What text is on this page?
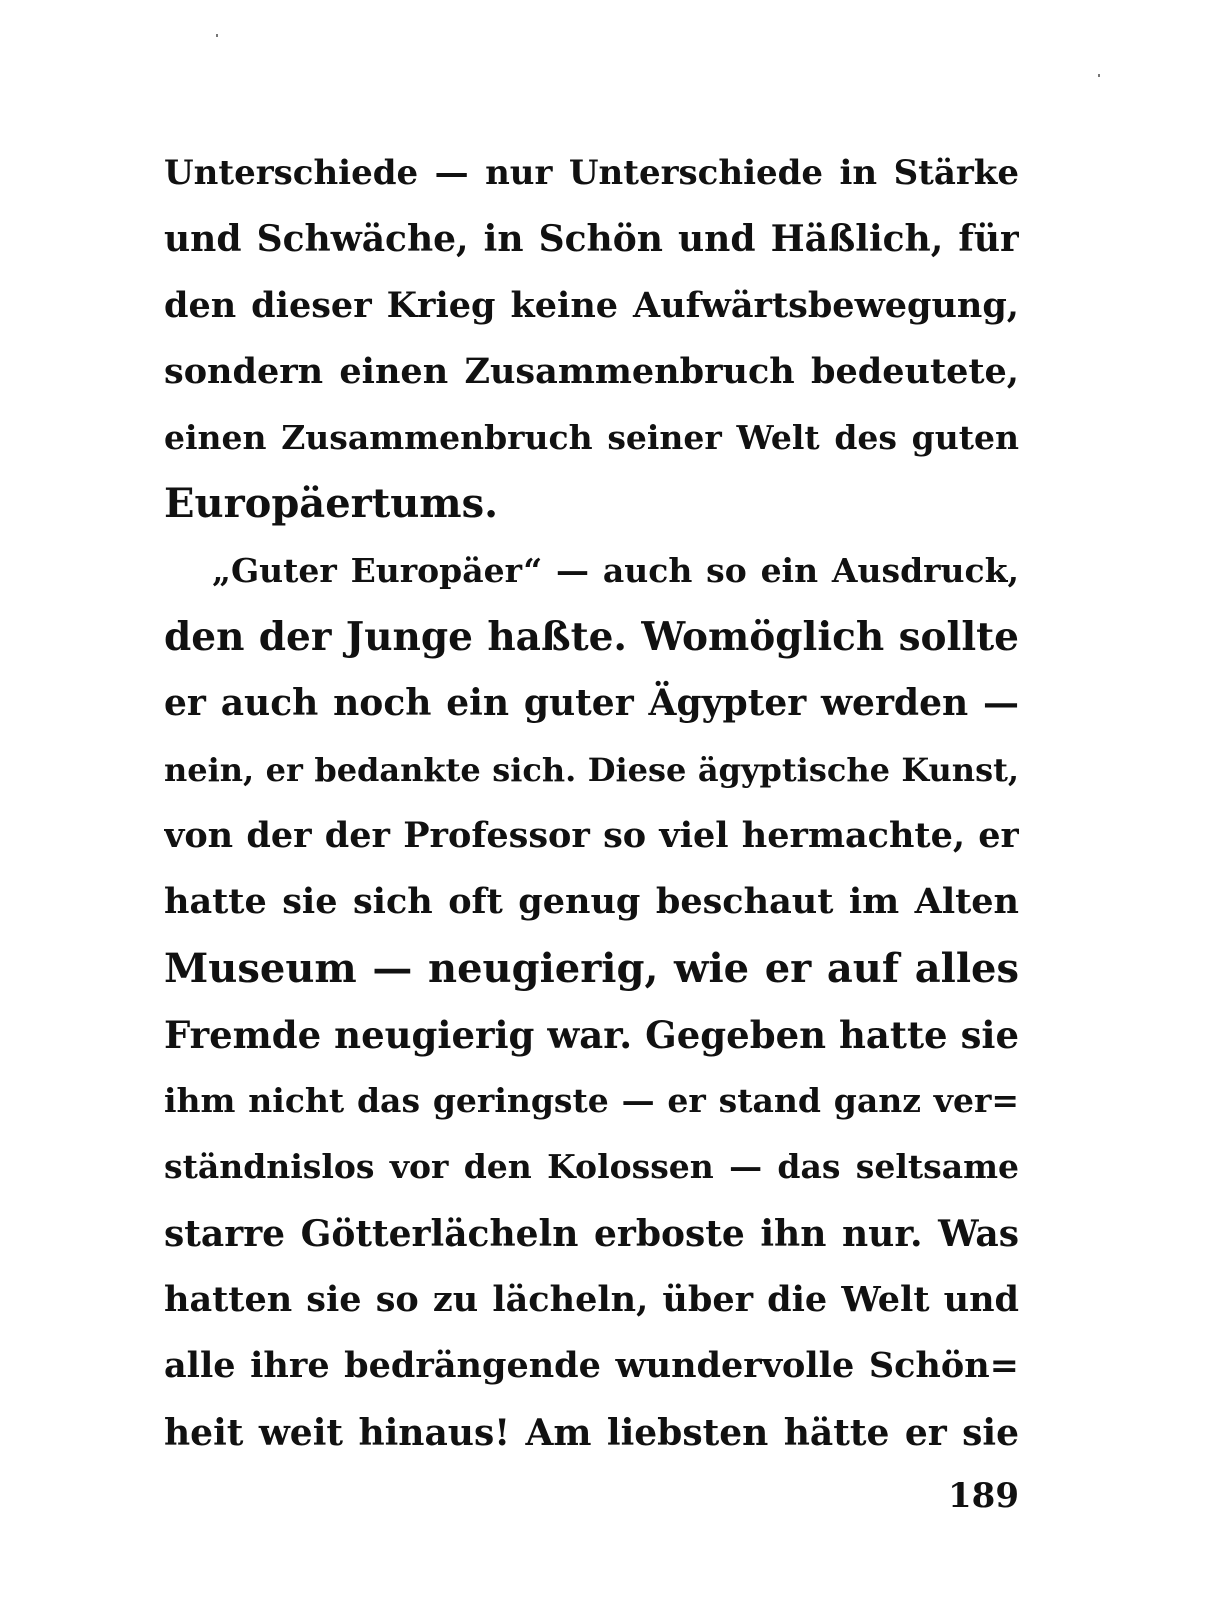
Unterschiede — nur Unterschiede in Stärke
und Schwäche, in Schön und Häßlich, für
den dieser Krieg keine Aufwärtsbewegung,
sondern einen Zusammenbruch bedeutete,
einen Zusammenbruch seiner Welt des guten
Europäertums.
„Guter Europäer“ — auch so ein Ausdruck,
den der Junge haßte. Womöglich sollte
er auch noch ein guter Ägypter werden —
nein, er bedankte sich. Diese ägyptische Kunst,
von der der Professor so viel hermachte, er
hatte sie sich oft genug beschaut im Alten
Museum — neugierig, wie er auf alles
Fremde neugierig war. Gegeben hatte sie
ihm nicht das geringste — er stand ganz ver=
ständnislos vor den Kolossen — das seltsame
starre Götterlächeln erboste ihn nur. Was
hatten sie so zu lächeln, über die Welt und
alle ihre bedrängende wundervolle Schön=
heit weit hinaus! Am liebsten hätte er sie
189
